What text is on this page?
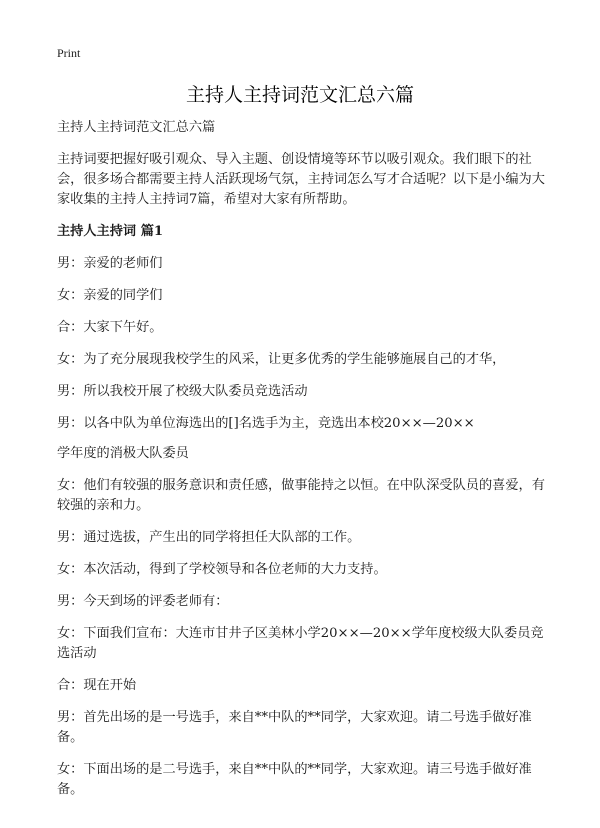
Print
主持人主持词范文汇总六篇

主持人主持词范文汇总六篇

主持词要把握好吸引观众、导入主题、创设情境等环节以吸引观众。我们眼下的社会，很多场合都需要主持人活跃现场气氛，主持词怎么写才合适呢？以下是小编为大家收集的主持人主持词7篇，希望对大家有所帮助。

主持人主持词 篇1

男：亲爱的老师们

女：亲爱的同学们

合：大家下午好。

女：为了充分展现我校学生的风采，让更多优秀的学生能够施展自己的才华，

男：所以我校开展了校级大队委员竞选活动

男：以各中队为单位海选出的[]名选手为主，竞选出本校20××—20××

学年度的消极大队委员

女：他们有较强的服务意识和责任感，做事能持之以恒。在中队深受队员的喜爱，有较强的亲和力。

男：通过选拔，产生出的同学将担任大队部的工作。

女：本次活动，得到了学校领导和各位老师的大力支持。

男：今天到场的评委老师有：

女：下面我们宣布：大连市甘井子区美林小学20××—20××学年度校级大队委员竞选活动

合：现在开始

男：首先出场的是一号选手，来自**中队的**同学，大家欢迎。请二号选手做好准备。

女：下面出场的是二号选手，来自**中队的**同学，大家欢迎。请三号选手做好准备。
